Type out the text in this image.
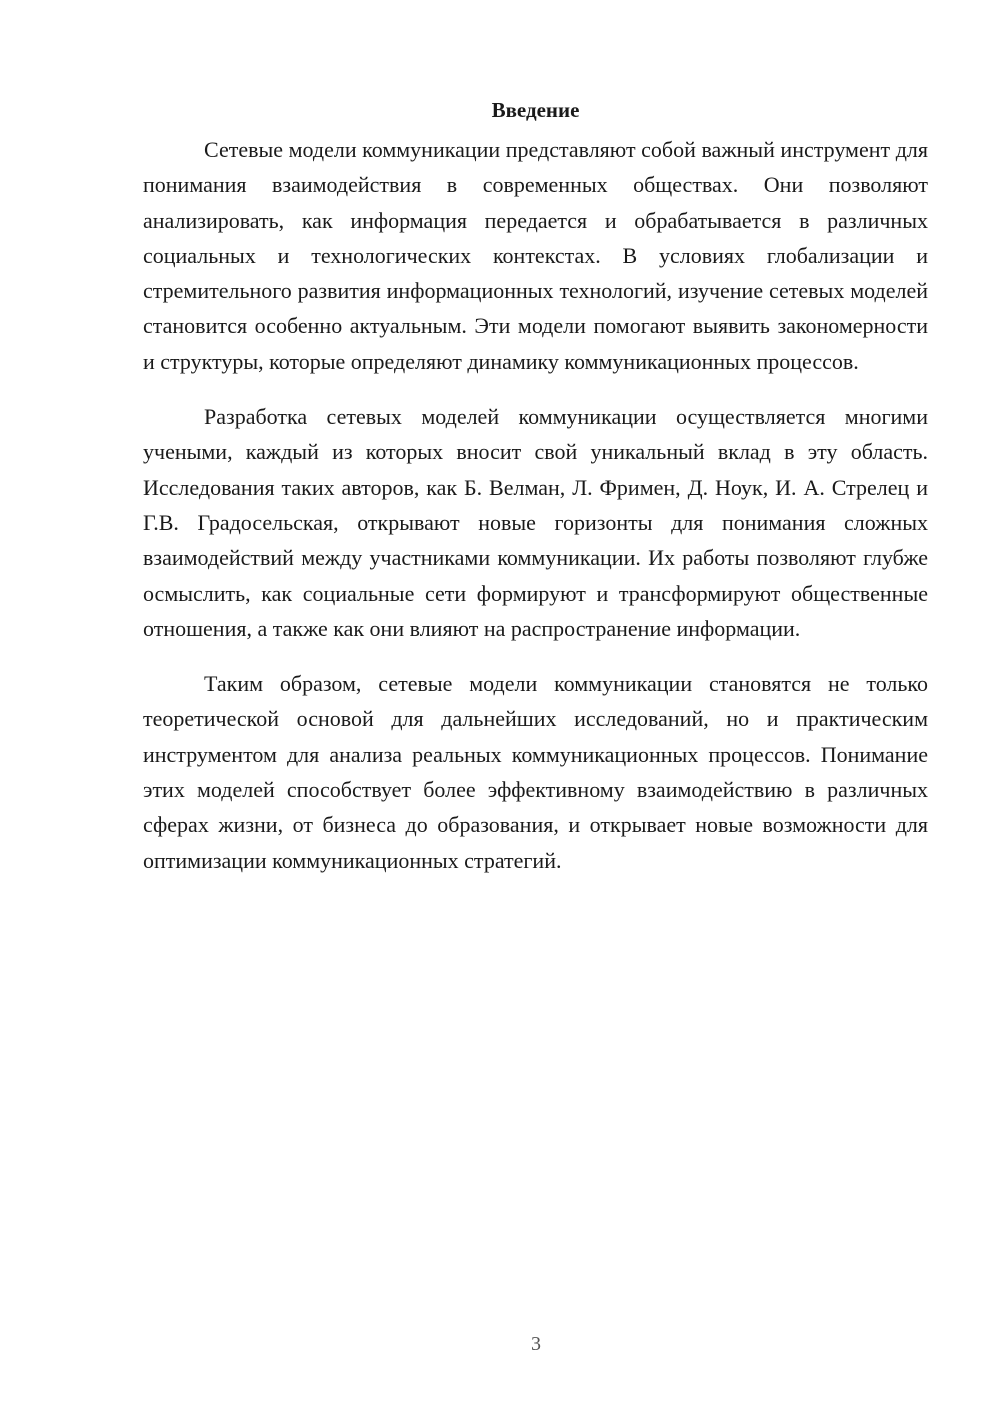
Введение

Сетевые модели коммуникации представляют собой важный инструмент для понимания взаимодействия в современных обществах. Они позволяют анализировать, как информация передается и обрабатывается в различных социальных и технологических контекстах. В условиях глобализации и стремительного развития информационных технологий, изучение сетевых моделей становится особенно актуальным. Эти модели помогают выявить закономерности и структуры, которые определяют динамику коммуникационных процессов.

Разработка сетевых моделей коммуникации осуществляется многими учеными, каждый из которых вносит свой уникальный вклад в эту область. Исследования таких авторов, как Б. Велман, Л. Фримен, Д. Ноук, И. А. Стрелец и Г.В. Градосельская, открывают новые горизонты для понимания сложных взаимодействий между участниками коммуникации. Их работы позволяют глубже осмыслить, как социальные сети формируют и трансформируют общественные отношения, а также как они влияют на распространение информации.

Таким образом, сетевые модели коммуникации становятся не только теоретической основой для дальнейших исследований, но и практическим инструментом для анализа реальных коммуникационных процессов. Понимание этих моделей способствует более эффективному взаимодействию в различных сферах жизни, от бизнеса до образования, и открывает новые возможности для оптимизации коммуникационных стратегий.

3
